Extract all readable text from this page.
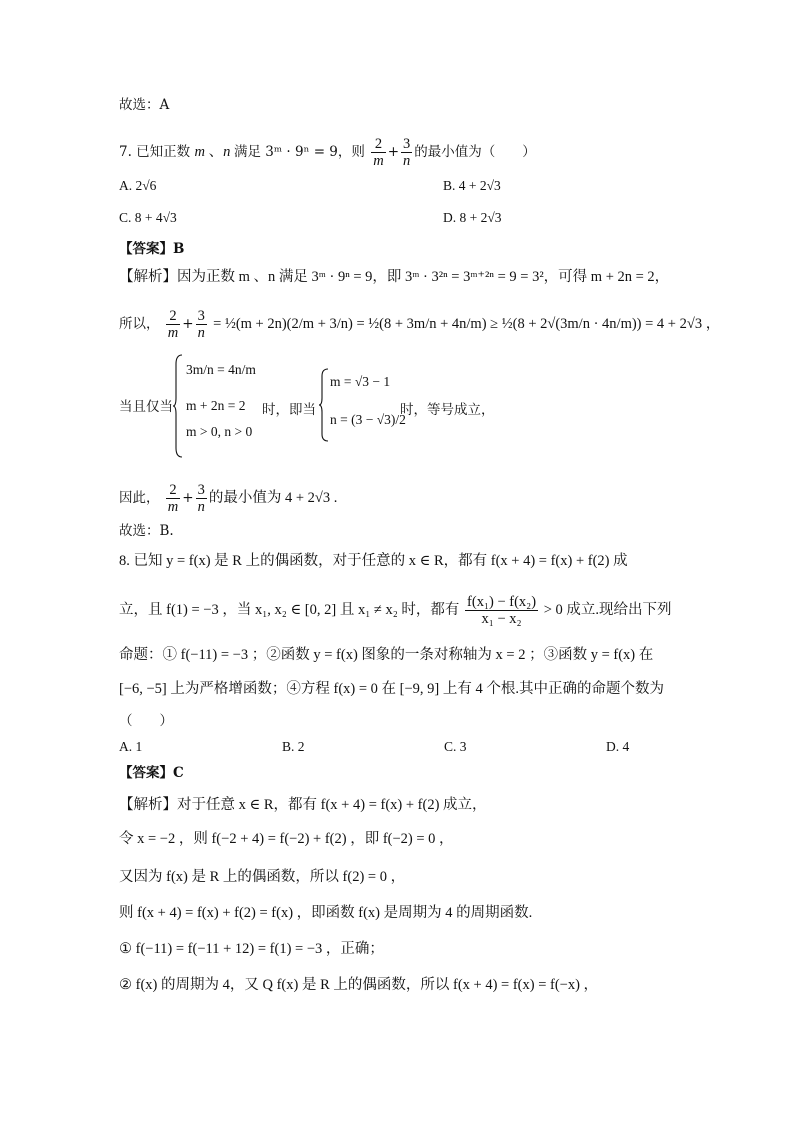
故选：A
7. 已知正数 m 、n 满足 3ᵐ · 9ⁿ = 9，则 $\frac{2}{m} + \frac{3}{n}$ 的最小值为（　　）
A. 2√6	B. 4 + 2√3
C. 8 + 4√3	D. 8 + 2√3
【答案】B
【解析】因为正数 m 、n 满足 3ᵐ · 9ⁿ = 9，即 3ᵐ · 3²ⁿ = 3ᵐ⁺²ⁿ = 9 = 3²，可得 m + 2n = 2，
所以， $\frac{2}{m} + \frac{3}{n}$ = ½(m + 2n)(2/m + 3/n) = ½(8 + 3m/n + 4n/m) ≥ ½(8 + 2√(3m/n · 4n/m)) = 4 + 2√3 ，
当且仅当
3m/n = 4n/m
m + 2n = 2
m > 0, n > 0
时，即当
m = √3 − 1
n = (3 − √3)/2
时，等号成立，
因此， $\frac{2}{m} + \frac{3}{n}$ 的最小值为 4 + 2√3 .
故选：B.
8. 已知 y = f(x) 是 R 上的偶函数，对于任意的 x ∈ R，都有 f(x + 4) = f(x) + f(2) 成
立，且 f(1) = −3 ，当 x₁, x₂ ∈ [0, 2] 且 x₁ ≠ x₂ 时，都有 $\frac{\text{f(x₁) − f(x₂)}}{\text{x₁ − x₂}} > 0$ 成立.现给出下列
命题：① f(−11) = −3 ；②函数 y = f(x) 图象的一条对称轴为 x = 2 ；③函数 y = f(x) 在
[−6, −5] 上为严格增函数；④方程 f(x) = 0 在 [−9, 9] 上有 4 个根.其中正确的命题个数为
（　　）
A. 1	B. 2	C. 3	D. 4
【答案】C
【解析】对于任意 x ∈ R，都有 f(x + 4) = f(x) + f(2) 成立，
令 x = −2 ，则 f(−2 + 4) = f(−2) + f(2) ，即 f(−2) = 0 ，
又因为 f(x) 是 R 上的偶函数，所以 f(2) = 0 ，
则 f(x + 4) = f(x) + f(2) = f(x) ，即函数 f(x) 是周期为 4 的周期函数.
① f(−11) = f(−11 + 12) = f(1) = −3 ，正确；
② f(x) 的周期为 4，又 Q f(x) 是 R 上的偶函数，所以 f(x + 4) = f(x) = f(−x) ，
